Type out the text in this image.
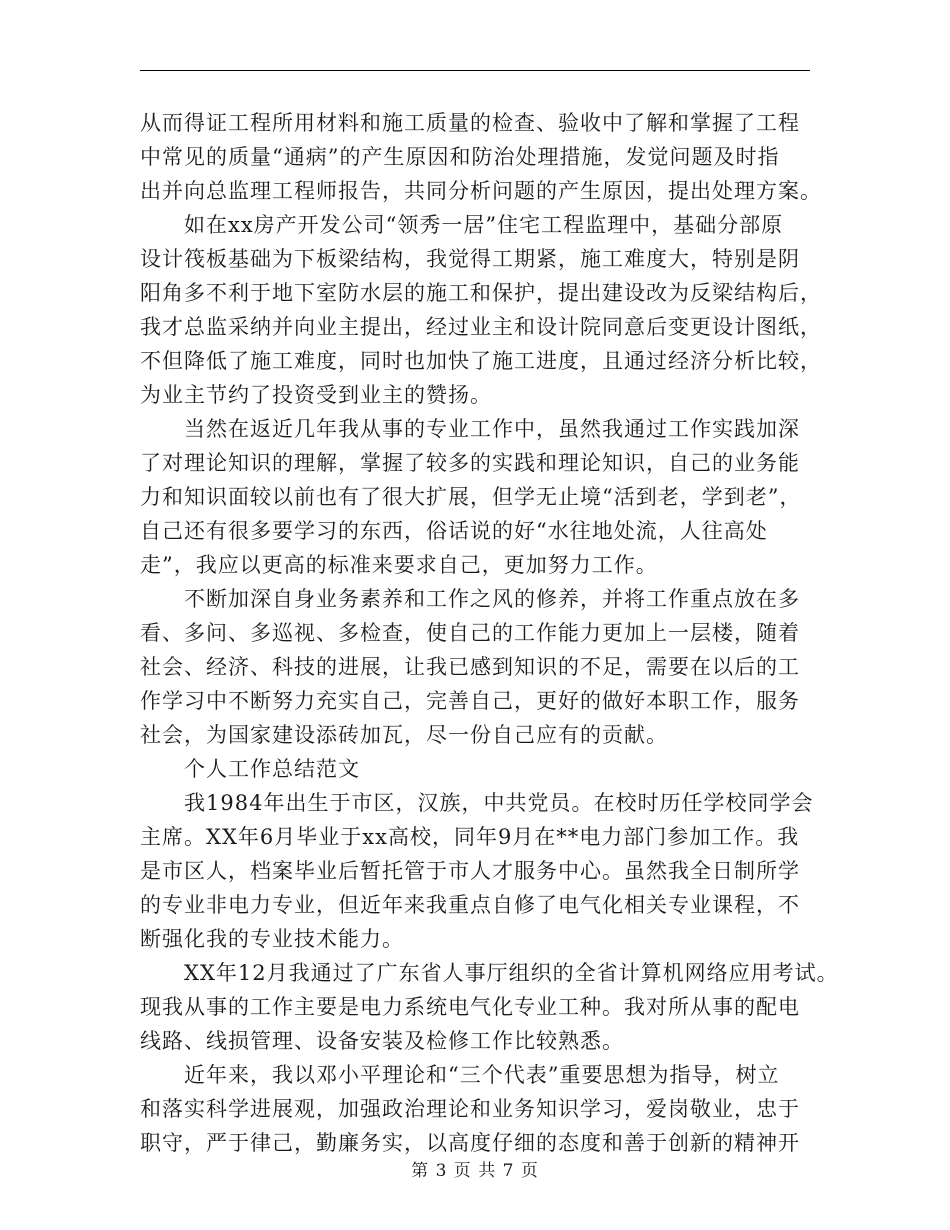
从而得证工程所用材料和施工质量的检查、验收中了解和掌握了工程
中常见的质量“通病”的产生原因和防治处理措施，发觉问题及时指
出并向总监理工程师报告，共同分析问题的产生原因，提出处理方案。
如在xx房产开发公司“领秀一居”住宅工程监理中，基础分部原
设计筏板基础为下板梁结构，我觉得工期紧，施工难度大，特别是阴
阳角多不利于地下室防水层的施工和保护，提出建设改为反梁结构后，
我才总监采纳并向业主提出，经过业主和设计院同意后变更设计图纸，
不但降低了施工难度，同时也加快了施工进度，且通过经济分析比较，
为业主节约了投资受到业主的赞扬。
当然在返近几年我从事的专业工作中，虽然我通过工作实践加深
了对理论知识的理解，掌握了较多的实践和理论知识，自己的业务能
力和知识面较以前也有了很大扩展，但学无止境“活到老，学到老”，
自己还有很多要学习的东西，俗话说的好“水往地处流，人往高处
走”，我应以更高的标准来要求自己，更加努力工作。
不断加深自身业务素养和工作之风的修养，并将工作重点放在多
看、多问、多巡视、多检查，使自己的工作能力更加上一层楼，随着
社会、经济、科技的进展，让我已感到知识的不足，需要在以后的工
作学习中不断努力充实自己，完善自己，更好的做好本职工作，服务
社会，为国家建设添砖加瓦，尽一份自己应有的贡献。
个人工作总结范文
我1984年出生于市区，汉族，中共党员。在校时历任学校同学会
主席。XX年6月毕业于xx高校，同年9月在**电力部门参加工作。我
是市区人，档案毕业后暂托管于市人才服务中心。虽然我全日制所学
的专业非电力专业，但近年来我重点自修了电气化相关专业课程，不
断强化我的专业技术能力。
XX年12月我通过了广东省人事厅组织的全省计算机网络应用考试。
现我从事的工作主要是电力系统电气化专业工种。我对所从事的配电
线路、线损管理、设备安装及检修工作比较熟悉。
近年来，我以邓小平理论和“三个代表”重要思想为指导，树立
和落实科学进展观，加强政治理论和业务知识学习，爱岗敬业，忠于
职守，严于律己，勤廉务实，以高度仔细的态度和善于创新的精神开
第 3 页 共 7 页
